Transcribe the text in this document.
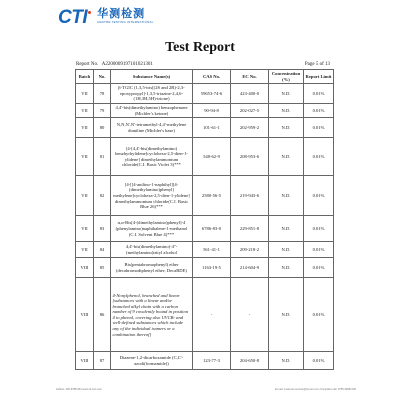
CTI 华测检测
CENTRE TESTING INTERNATIONAL
Test Report
Report No. A2200009197101021301	Page 5 of 13
Batch	No.	Substance Name(s)	CAS No.	EC No.	Concentration (%)	Report Limit
VII	78	β-TGIC (1,3,5-tris[(2S and 2R)-2,3-epoxypropyl]-1,3,5-triazine-2,4,6-(1H,3H,5H)-trione)	59653-74-6	423-400-0	N.D.	0.01%
VII	79	4,4'-bis(dimethylamino) benzophenone (Michler's ketone)	90-94-8	202-027-5	N.D.	0.01%
VII	80	N,N,N',N'-tetramethyl-4,4'-methylene dianiline (Michler's base)	101-61-1	202-959-2	N.D.	0.01%
VII	81	[4-[4,4'-bis(dimethylamino) benzhydrylidene]cyclohexa-2,5-dien-1-ylidene] dimethylammonium chloride(C.I. Basic Violet 3)***	548-62-9	208-953-6	N.D.	0.01%
VII	82	[4-[[4-anilino-1-naphthyl][4-(dimethylamino)phenyl] methylene]cyclohexa-2,5-dien-1-ylidene] dimethylammonium chloride(C.I. Basic Blue 26)***	2580-56-5	219-943-6	N.D.	0.01%
VII	83	α,α-Bis[4-(dimethylamino)phenyl]-4 (phenylamino)naphthalene-1-methanol (C.I. Solvent Blue 4)***	6786-83-0	229-851-8	N.D.	0.01%
VII	84	4,4'-bis(dimethylamino)-4''-(methylamino)trityl alcohol	561-41-1	209-218-2	N.D.	0.01%
VIII	85	Bis(pentabromophenyl) ether (decabromodiphenyl ether; DecaBDE)	1163-19-5	214-604-9	N.D.	0.01%
VIII	86	4-Nonylphenol, branched and linear [substances with a linear and/or branched alkyl chain with a carbon number of 9 covalently bound in position 4 to phenol, covering also UVCB- and well-defined substances which include any of the individual isomers or a combination thereof]	-	-	N.D.	0.01%
VIII	87	Diazene-1,2-dicarboxamide (C,C'-azodi(formamide))	123-77-3	204-650-8	N.D.	0.01%
Hotline: 400-6788-333 www.cti-cert.com	E-mail: customer.service@cti-cert.com Complaint call: 0755-33681700
